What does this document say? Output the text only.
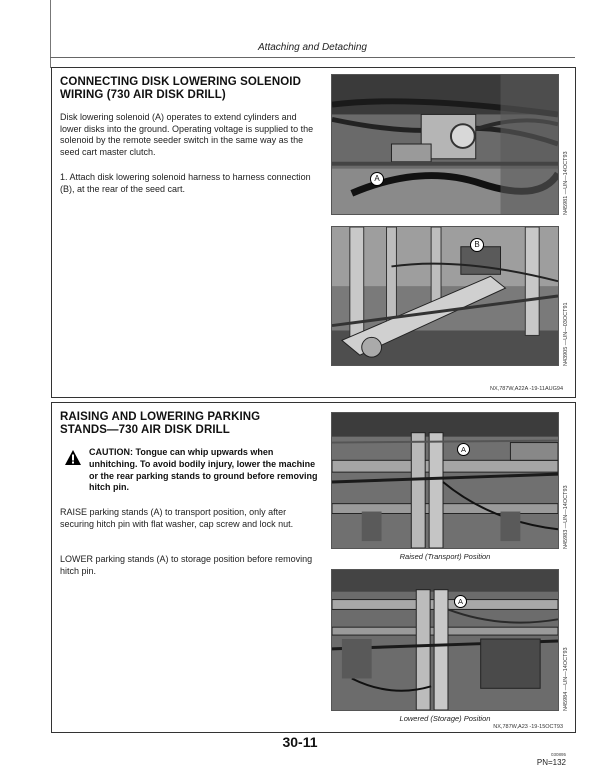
Attaching and Detaching
CONNECTING DISK LOWERING SOLENOID
WIRING (730 AIR DISK DRILL)
Disk lowering solenoid (A) operates to extend cylinders and lower disks into the ground. Operating voltage is supplied to the solenoid by the remote seeder switch in the same way as the seed cart master clutch.
1. Attach disk lowering solenoid harness to harness connection (B), at the rear of the seed cart.
A	N45981 —UN—14OCT93
B
N43905 —UN—03OCT91
NX,787W,A22A -19-11AUG94
RAISING AND LOWERING PARKING
STANDS—730 AIR DISK DRILL
CAUTION: Tongue can whip upwards when unhitching. To avoid bodily injury, lower the machine or the rear parking stands to ground before removing hitch pin.
RAISE parking stands (A) to transport position, only after securing hitch pin with flat washer, cap screw and lock nut.
LOWER parking stands (A) to storage position before removing hitch pin.
A
N45983 —UN—14OCT93
Raised (Transport) Position
A
N45984 —UN—14OCT93
Lowered (Storage) Position
NX,787W,A23 -19-15OCT93
30-11
030895
PN=132
